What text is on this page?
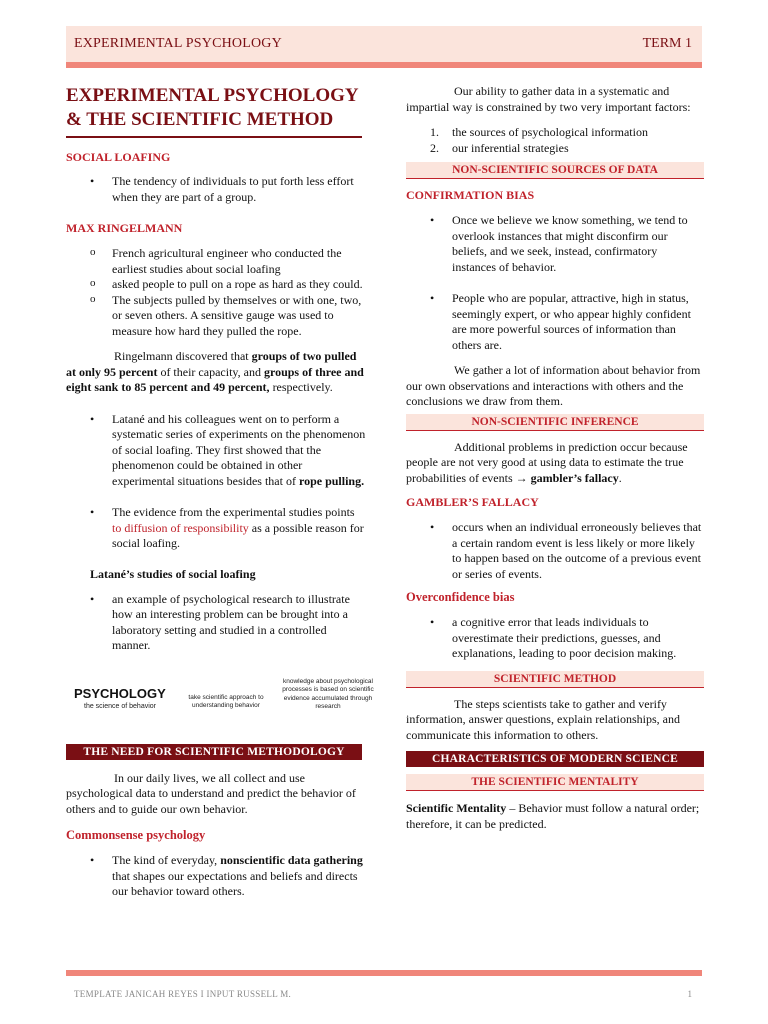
EXPERIMENTAL PSYCHOLOGY	TERM 1
EXPERIMENTAL PSYCHOLOGY
& THE SCIENTIFIC METHOD
SOCIAL LOAFING
• The tendency of individuals to put forth less effort when they are part of a group.
MAX RINGELMANN
o French agricultural engineer who conducted the earliest studies about social loafing
o asked people to pull on a rope as hard as they could.
o The subjects pulled by themselves or with one, two, or seven others. A sensitive gauge was used to measure how hard they pulled the rope.

Ringelmann discovered that groups of two pulled at only 95 percent of their capacity, and groups of three and eight sank to 85 percent and 49 percent, respectively.

• Latané and his colleagues went on to perform a systematic series of experiments on the phenomenon of social loafing. They first showed that the phenomenon could be obtained in other experimental situations besides that of rope pulling.
• The evidence from the experimental studies points to diffusion of responsibility as a possible reason for social loafing.
Latané’s studies of social loafing
• an example of psychological research to illustrate how an interesting problem can be brought into a laboratory setting and studied in a controlled manner.
PSYCHOLOGY
the science of behavior
take scientific approach to understanding behavior
knowledge about psychological processes is based on scientific evidence accumulated through research
THE NEED FOR SCIENTIFIC METHODOLOGY

In our daily lives, we all collect and use psychological data to understand and predict the behavior of others and to guide our own behavior.

Commonsense psychology
• The kind of everyday, nonscientific data gathering that shapes our expectations and beliefs and directs our behavior toward others.

Our ability to gather data in a systematic and impartial way is constrained by two very important factors:

1. the sources of psychological information
2. our inferential strategies
NON-SCIENTIFIC SOURCES OF DATA
CONFIRMATION BIAS
• Once we believe we know something, we tend to overlook instances that might disconfirm our beliefs, and we seek, instead, confirmatory instances of behavior.
• People who are popular, attractive, high in status, seemingly expert, or who appear highly confident are more powerful sources of information than others are.

We gather a lot of information about behavior from our own observations and interactions with others and the conclusions we draw from them.

NON-SCIENTIFIC INFERENCE

Additional problems in prediction occur because people are not very good at using data to estimate the true probabilities of events → gambler’s fallacy.

GAMBLER’S FALLACY
• occurs when an individual erroneously believes that a certain random event is less likely or more likely to happen based on the outcome of a previous event or series of events.
Overconfidence bias
• a cognitive error that leads individuals to overestimate their predictions, guesses, and explanations, leading to poor decision making.
SCIENTIFIC METHOD

The steps scientists take to gather and verify information, answer questions, explain relationships, and communicate this information to others.

CHARACTERISTICS OF MODERN SCIENCE
THE SCIENTIFIC MENTALITY

Scientific Mentality – Behavior must follow a natural order; therefore, it can be predicted.

TEMPLATE JANICAH REYES I INPUT RUSSELL M.	1
